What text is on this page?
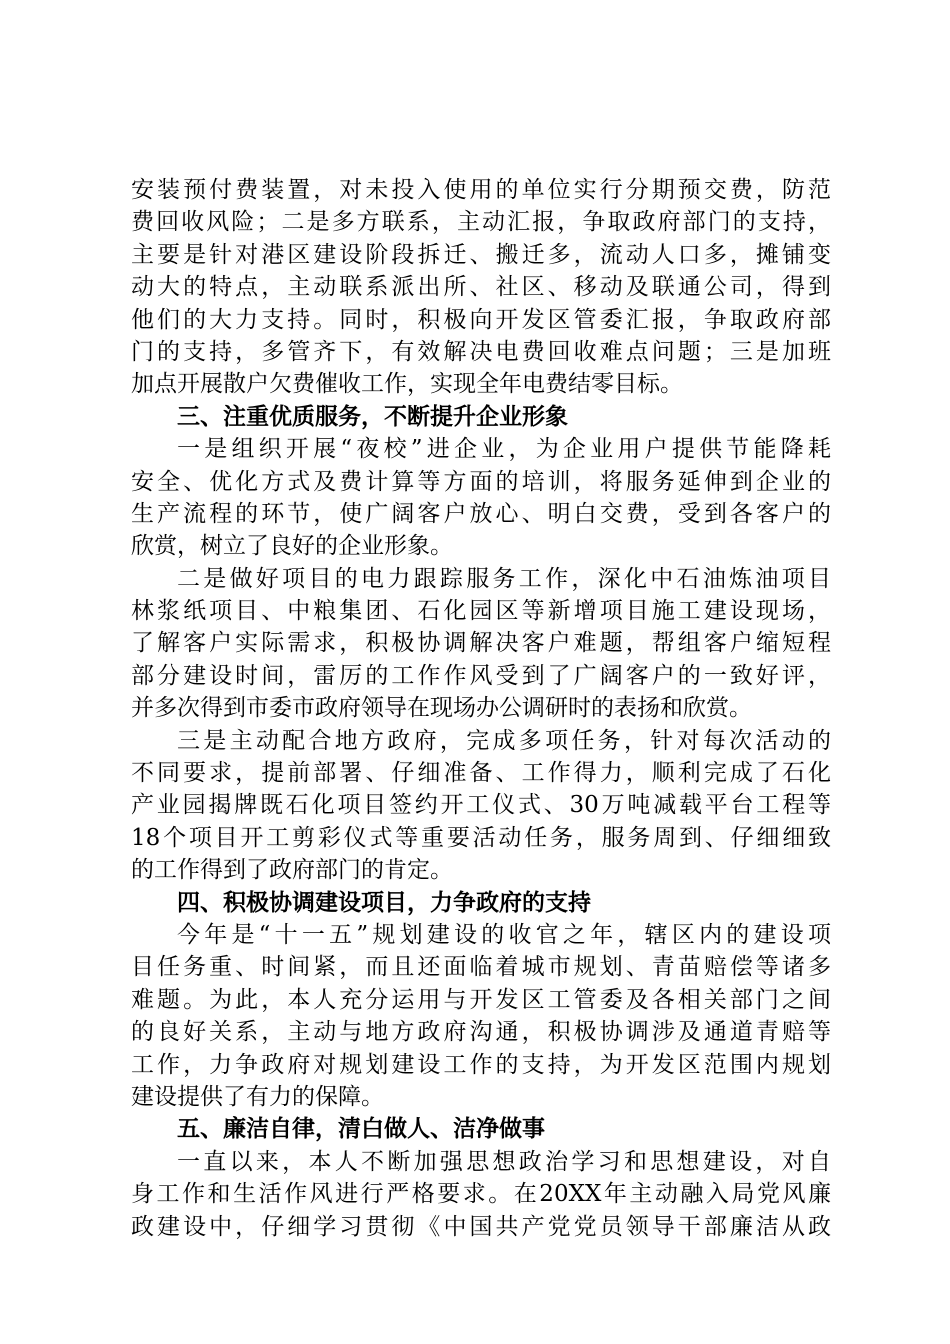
安装预付费装置，对未投入使用的单位实行分期预交费，防范
费回收风险；二是多方联系，主动汇报，争取政府部门的支持，
主要是针对港区建设阶段拆迁、搬迁多，流动人口多，摊铺变
动大的特点，主动联系派出所、社区、移动及联通公司，得到
他们的大力支持。同时，积极向开发区管委汇报，争取政府部
门的支持，多管齐下，有效解决电费回收难点问题；三是加班
加点开展散户欠费催收工作，实现全年电费结零目标。
三、注重优质服务，不断提升企业形象
一是组织开展“夜校”进企业，为企业用户提供节能降耗
安全、优化方式及费计算等方面的培训，将服务延伸到企业的
生产流程的环节，使广阔客户放心、明白交费，受到各客户的
欣赏，树立了良好的企业形象。
二是做好项目的电力跟踪服务工作，深化中石油炼油项目
林浆纸项目、中粮集团、石化园区等新增项目施工建设现场，
了解客户实际需求，积极协调解决客户难题，帮组客户缩短程
部分建设时间，雷厉的工作作风受到了广阔客户的一致好评，
并多次得到市委市政府领导在现场办公调研时的表扬和欣赏。
三是主动配合地方政府，完成多项任务，针对每次活动的
不同要求，提前部署、仔细准备、工作得力，顺利完成了石化
产业园揭牌既石化项目签约开工仪式、30万吨减载平台工程等
18个项目开工剪彩仪式等重要活动任务，服务周到、仔细细致
的工作得到了政府部门的肯定。
四、积极协调建设项目，力争政府的支持
今年是“十一五”规划建设的收官之年，辖区内的建设项
目任务重、时间紧，而且还面临着城市规划、青苗赔偿等诸多
难题。为此，本人充分运用与开发区工管委及各相关部门之间
的良好关系，主动与地方政府沟通，积极协调涉及通道青赔等
工作，力争政府对规划建设工作的支持，为开发区范围内规划
建设提供了有力的保障。
五、廉洁自律，清白做人、洁净做事
一直以来，本人不断加强思想政治学习和思想建设，对自
身工作和生活作风进行严格要求。在20XX年主动融入局党风廉
政建设中，仔细学习贯彻《中国共产党党员领导干部廉洁从政
